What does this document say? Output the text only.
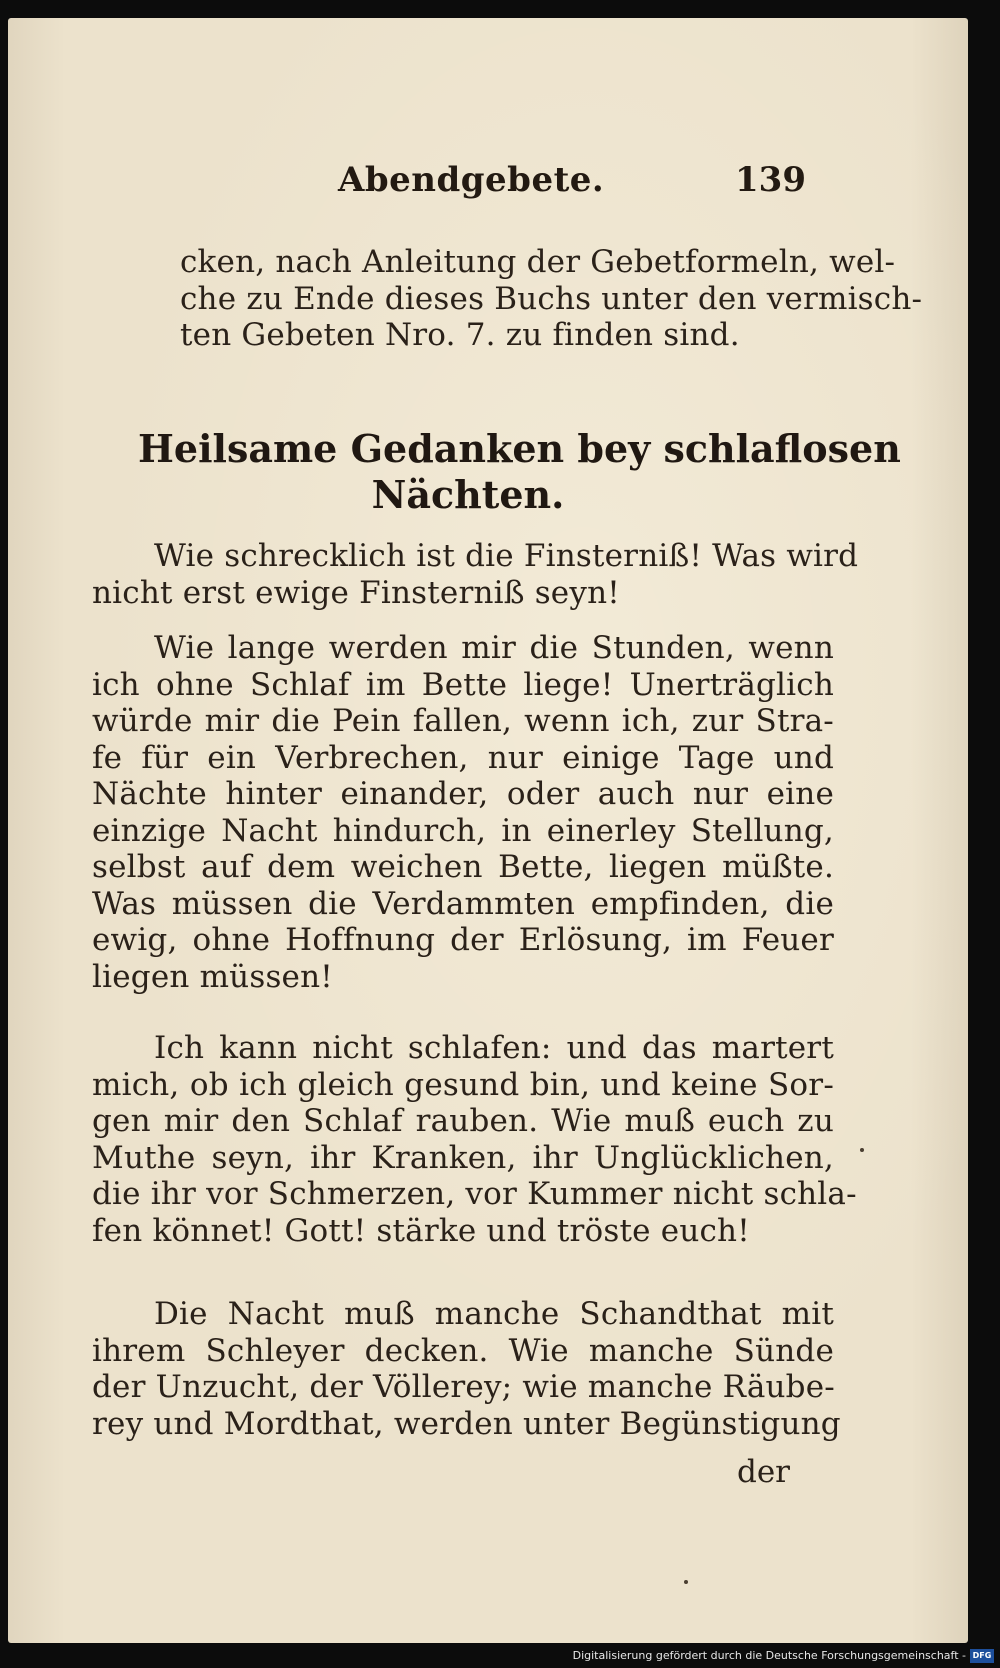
Abendgebete.	139
cken, nach Anleitung der Gebetformeln, wel-
che zu Ende dieses Buchs unter den vermisch-
ten Gebeten Nro. 7. zu finden sind.
Heilsame Gedanken bey schlaflosen
Nächten.
Wie schrecklich ist die Finsterniß! Was wird
nicht erst ewige Finsterniß seyn!
Wie lange werden mir die Stunden, wenn
ich ohne Schlaf im Bette liege! Unerträglich
würde mir die Pein fallen, wenn ich, zur Stra-
fe für ein Verbrechen, nur einige Tage und
Nächte hinter einander, oder auch nur eine
einzige Nacht hindurch, in einerley Stellung,
selbst auf dem weichen Bette, liegen müßte.
Was müssen die Verdammten empfinden, die
ewig, ohne Hoffnung der Erlösung, im Feuer
liegen müssen!
Ich kann nicht schlafen: und das martert
mich, ob ich gleich gesund bin, und keine Sor-
gen mir den Schlaf rauben. Wie muß euch zu
Muthe seyn, ihr Kranken, ihr Unglücklichen,
die ihr vor Schmerzen, vor Kummer nicht schla-
fen könnet! Gott! stärke und tröste euch!
Die Nacht muß manche Schandthat mit
ihrem Schleyer decken. Wie manche Sünde
der Unzucht, der Völlerey; wie manche Räube-
rey und Mordthat, werden unter Begünstigung
der
Digitalisierung gefördert durch die Deutsche Forschungsgemeinschaft - DFG
